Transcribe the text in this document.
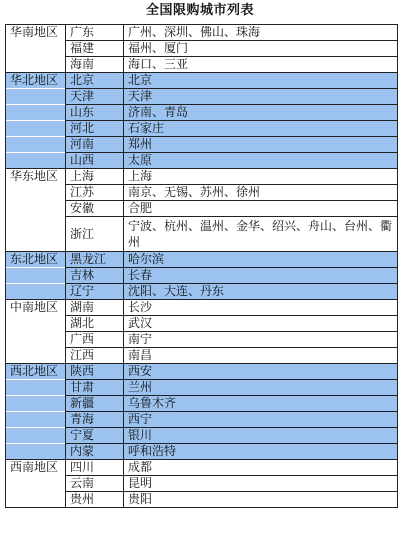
全国限购城市列表
华南地区	广东	广州、深圳、佛山、珠海
	福建	福州、厦门
	海南	海口、三亚
华北地区	北京	北京
	天津	天津
	山东	济南、青岛
	河北	石家庄
	河南	郑州
	山西	太原
华东地区	上海	上海
	江苏	南京、无锡、苏州、徐州
	安徽	合肥
	浙江	宁波、杭州、温州、金华、绍兴、舟山、台州、衢州
东北地区	黑龙江	哈尔滨
	吉林	长春
	辽宁	沈阳、大连、丹东
中南地区	湖南	长沙
	湖北	武汉
	广西	南宁
	江西	南昌
西北地区	陕西	西安
	甘肃	兰州
	新疆	乌鲁木齐
	青海	西宁
	宁夏	银川
	内蒙	呼和浩特
西南地区	四川	成都
	云南	昆明
	贵州	贵阳
